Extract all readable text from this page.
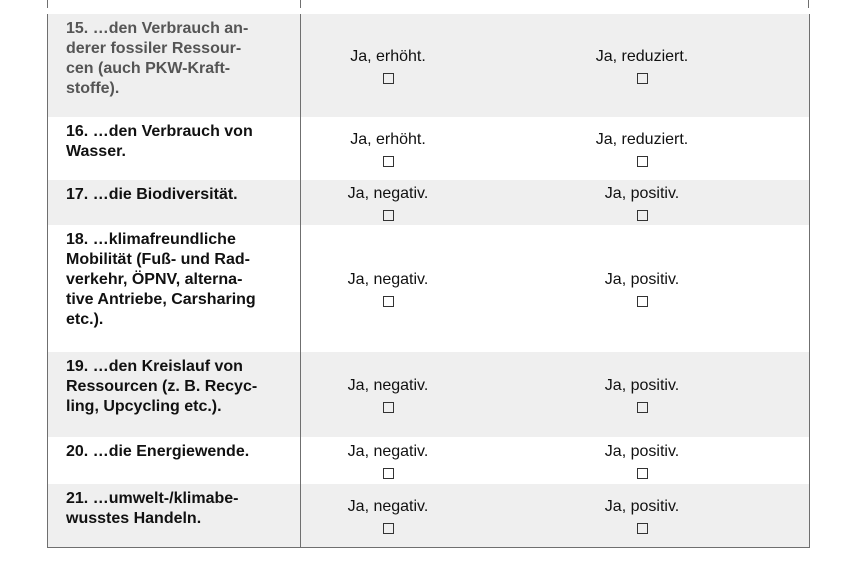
15. …den Verbrauch an-
derer fossiler Ressour-
cen (auch PKW-Kraft-
stoffe).
Ja, erhöht.	Ja, reduziert.
16. …den Verbrauch von
Wasser.
Ja, erhöht.	Ja, reduziert.
17. …die Biodiversität.	Ja, negativ.	Ja, positiv.
18. …klimafreundliche
Mobilität (Fuß- und Rad-
verkehr, ÖPNV, alterna-
tive Antriebe, Carsharing
etc.).
Ja, negativ.	Ja, positiv.
19. …den Kreislauf von
Ressourcen (z. B. Recyc-
ling, Upcycling etc.).
Ja, negativ.	Ja, positiv.
20. …die Energiewende.	Ja, negativ.	Ja, positiv.
21. …umwelt-/klimabe-
wusstes Handeln.
Ja, negativ.	Ja, positiv.
